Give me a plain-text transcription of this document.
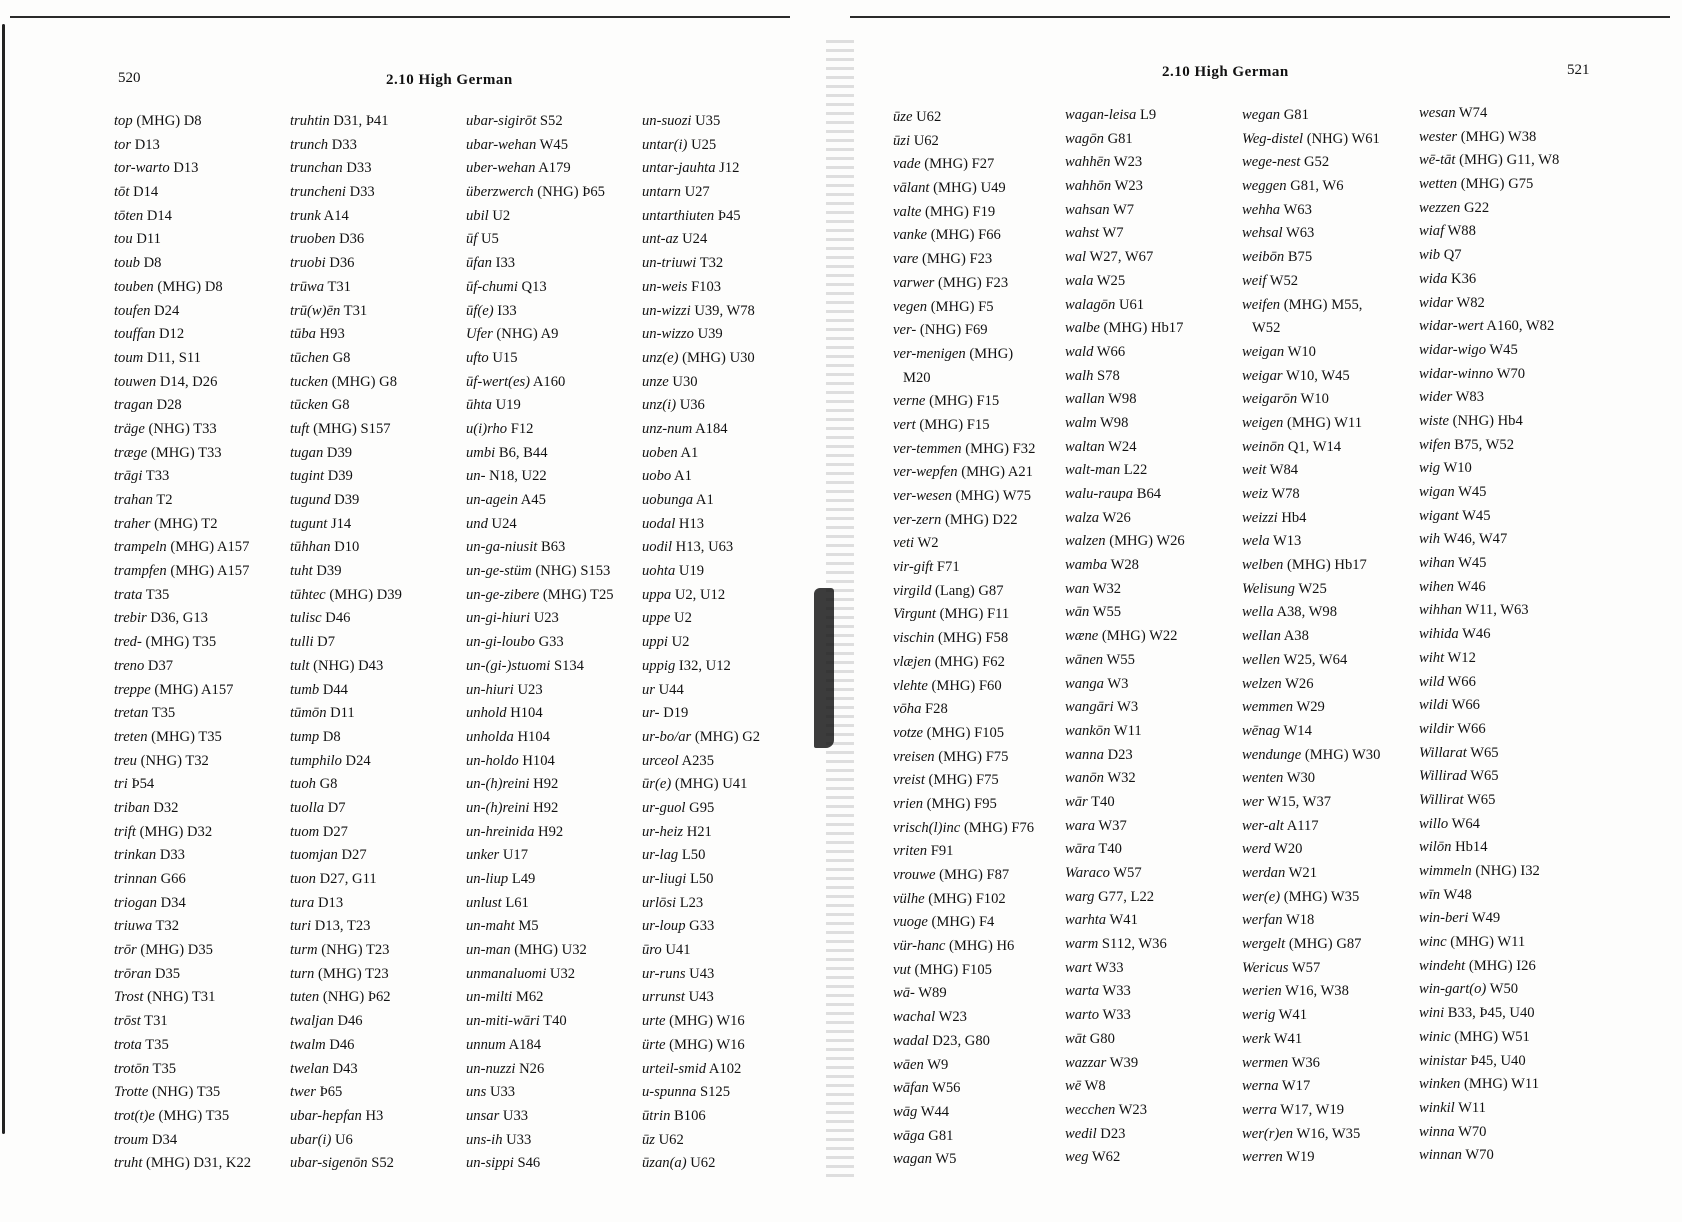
520	2.10 High German
top (MHG) D8
tor D13
tor-warto D13
tōt D14
tōten D14
tou D11
toub D8
touben (MHG) D8
toufen D24
touffan D12
toum D11, S11
touwen D14, D26
tragan D28
träge (NHG) T33
træge (MHG) T33
trāgi T33
trahan T2
traher (MHG) T2
trampeln (MHG) A157
trampfen (MHG) A157
trata T35
trebir D36, G13
tred- (MHG) T35
treno D37
treppe (MHG) A157
tretan T35
treten (MHG) T35
treu (NHG) T32
tri Þ54
triban D32
trift (MHG) D32
trinkan D33
trinnan G66
triogan D34
triuwa T32
trōr (MHG) D35
trōran D35
Trost (NHG) T31
trōst T31
trota T35
trotōn T35
Trotte (NHG) T35
trot(t)e (MHG) T35
troum D34
truht (MHG) D31, K22
truhtin D31, Þ41
trunch D33
trunchan D33
truncheni D33
trunk A14
truoben D36
truobi D36
trūwa T31
trū(w)ēn T31
tūba H93
tūchen G8
tucken (MHG) G8
tūcken G8
tuft (MHG) S157
tugan D39
tugint D39
tugund D39
tugunt J14
tūhhan D10
tuht D39
tūhtec (MHG) D39
tulisc D46
tulli D7
tult (NHG) D43
tumb D44
tūmōn D11
tump D8
tumphilo D24
tuoh G8
tuolla D7
tuom D27
tuomjan D27
tuon D27, G11
tura D13
turi D13, T23
turm (NHG) T23
turn (MHG) T23
tuten (NHG) Þ62
twaljan D46
twalm D46
twelan D43
twer Þ65
ubar-hepfan H3
ubar(i) U6
ubar-sigenōn S52
ubar-sigirōt S52
ubar-wehan W45
uber-wehan A179
überzwerch (NHG) Þ65
ubil U2
ūf U5
ūfan I33
ūf-chumi Q13
ūf(e) I33
Ufer (NHG) A9
ufto U15
ūf-wert(es) A160
ūhta U19
u(i)rho F12
umbi B6, B44
un- N18, U22
un-agein A45
und U24
un-ga-niusit B63
un-ge-stüm (NHG) S153
un-ge-zibere (MHG) T25
un-gi-hiuri U23
un-gi-loubo G33
un-(gi-)stuomi S134
un-hiuri U23
unhold H104
unholda H104
un-holdo H104
un-(h)reini H92
un-(h)reini H92
un-hreinida H92
unker U17
un-liup L49
unlust L61
un-maht M5
un-man (MHG) U32
unmanaluomi U32
un-milti M62
un-miti-wāri T40
unnum A184
un-nuzzi N26
uns U33
unsar U33
uns-ih U33
un-sippi S46
un-suozi U35
untar(i) U25
untar-jauhta J12
untarn U27
untarthiuten Þ45
unt-az U24
un-triuwi T32
un-weis F103
un-wizzi U39, W78
un-wizzo U39
unz(e) (MHG) U30
unze U30
unz(i) U36
unz-num A184
uoben A1
uobo A1
uobunga A1
uodal H13
uodil H13, U63
uohta U19
uppa U2, U12
uppe U2
uppi U2
uppig I32, U12
ur U44
ur- D19
ur-bo/ar (MHG) G2
urceol A235
ūr(e) (MHG) U41
ur-guol G95
ur-heiz H21
ur-lag L50
ur-liugi L50
urlōsi L23
ur-loup G33
ūro U41
ur-runs U43
urrunst U43
urte (MHG) W16
ürte (MHG) W16
urteil-smid A102
u-spunna S125
ūtrin B106
ūz U62
ūzan(a) U62
2.10 High German	521
ūze U62
ūzi U62
vade (MHG) F27
vālant (MHG) U49
valte (MHG) F19
vanke (MHG) F66
vare (MHG) F23
varwer (MHG) F23
vegen (MHG) F5
ver- (NHG) F69
ver-menigen (MHG)
M20
verne (MHG) F15
vert (MHG) F15
ver-temmen (MHG) F32
ver-wepfen (MHG) A21
ver-wesen (MHG) W75
ver-zern (MHG) D22
veti W2
vir-gift F71
virgild (Lang) G87
Virgunt (MHG) F11
vischin (MHG) F58
vlæjen (MHG) F62
vlehte (MHG) F60
vōha F28
votze (MHG) F105
vreisen (MHG) F75
vreist (MHG) F75
vrien (MHG) F95
vrisch(l)inc (MHG) F76
vriten F91
vrouwe (MHG) F87
vülhe (MHG) F102
vuoge (MHG) F4
vür-hanc (MHG) H6
vut (MHG) F105
wā- W89
wachal W23
wadal D23, G80
wāen W9
wāfan W56
wāg W44
wāga G81
wagan W5
wagan-leisa L9
wagōn G81
wahhēn W23
wahhōn W23
wahsan W7
wahst W7
wal W27, W67
wala W25
walagōn U61
walbe (MHG) Hb17
wald W66
walh S78
wallan W98
walm W98
waltan W24
walt-man L22
walu-raupa B64
walza W26
walzen (MHG) W26
wamba W28
wan W32
wān W55
wæne (MHG) W22
wānen W55
wanga W3
wangāri W3
wankōn W11
wanna D23
wanōn W32
wār T40
wara W37
wāra T40
Waraco W57
warg G77, L22
warhta W41
warm S112, W36
wart W33
warta W33
warto W33
wāt G80
wazzar W39
wē W8
wecchen W23
wedil D23
weg W62
wegan G81
Weg-distel (NHG) W61
wege-nest G52
weggen G81, W6
wehha W63
wehsal W63
weibōn B75
weif W52
weifen (MHG) M55,
W52
weigan W10
weigar W10, W45
weigarōn W10
weigen (MHG) W11
weinōn Q1, W14
weit W84
weiz W78
weizzi Hb4
wela W13
welben (MHG) Hb17
Welisung W25
wella A38, W98
wellan A38
wellen W25, W64
welzen W26
wemmen W29
wēnag W14
wendunge (MHG) W30
wenten W30
wer W15, W37
wer-alt A117
werd W20
werdan W21
wer(e) (MHG) W35
werfan W18
wergelt (MHG) G87
Wericus W57
werien W16, W38
werig W41
werk W41
wermen W36
werna W17
werra W17, W19
wer(r)en W16, W35
werren W19
wesan W74
wester (MHG) W38
wē-tāt (MHG) G11, W8
wetten (MHG) G75
wezzen G22
wiaf W88
wib Q7
wida K36
widar W82
widar-wert A160, W82
widar-wigo W45
widar-winno W70
wider W83
wiste (NHG) Hb4
wifen B75, W52
wig W10
wigan W45
wigant W45
wih W46, W47
wihan W45
wihen W46
wihhan W11, W63
wihida W46
wiht W12
wild W66
wildi W66
wildir W66
Willarat W65
Willirad W65
Willirat W65
willo W64
wilōn Hb14
wimmeln (NHG) I32
wīn W48
win-beri W49
winc (MHG) W11
windeht (MHG) I26
win-gart(o) W50
wini B33, Þ45, U40
winic (MHG) W51
winistar Þ45, U40
winken (MHG) W11
winkil W11
winna W70
winnan W70
